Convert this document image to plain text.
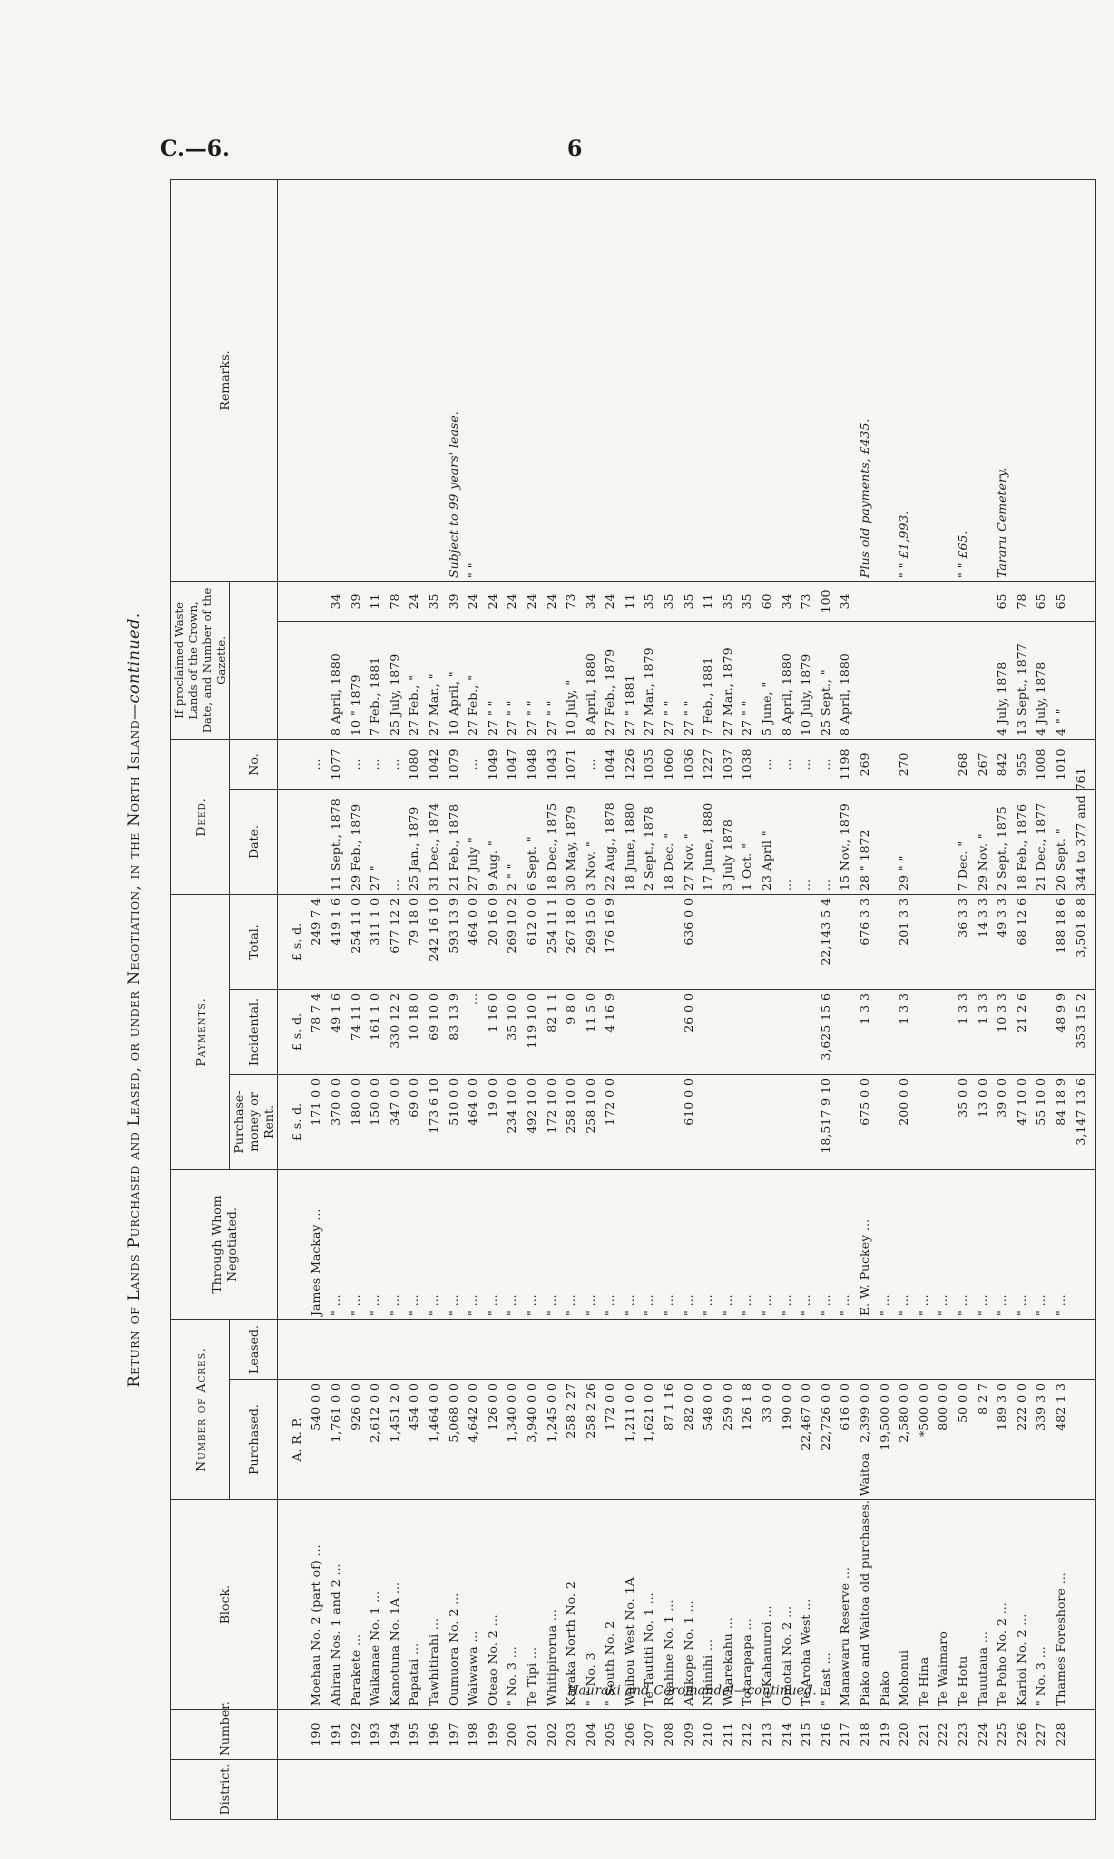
C.—6.	6
Return of Lands Purchased and Leased, or under Negotiation, in the North Island—continued.
District.	Number.	Block.	Number of Acres.		Through Whom Negotiated.	Payments.			Deed.		If proclaimed Waste Lands of the Crown, Date, and Number of the Gazette.		Remarks.
			Purchased.	Leased.		Purchase-money or Rent.	Incidental.	Total.	Date.	No.			
Hauraki and Coromandel—continued.			A. R. P.			£ s. d.	£ s. d.	£ s. d.					
	190	Moehau No. 2 (part of) ...	540 0 0		James Mackay ...	171 0 0	78 7 4	249 7 4		...			
	191	Ahirau Nos. 1 and 2 ...	1,761 0 0		" ...	370 0 0	49 1 6	419 1 6	11 Sept., 1878	1077	8 April, 1880	34	
	192	Parakete ...	926 0 0		" ...	180 0 0	74 11 0	254 11 0	29 Feb., 1879	...	10 " 1879	39	
	193	Waikanae No. 1 ...	2,612 0 0		" ...	150 0 0	161 1 0	311 1 0	27 "	...	7 Feb., 1881	11	
	194	Kanotuna No. 1A ...	1,451 2 0		" ...	347 0 0	330 12 2	677 12 2	...	...	25 July, 1879	78	
	195	Papatai ...	454 0 0		" ...	69 0 0	10 18 0	79 18 0	25 Jan., 1879	1080	27 Feb., "	24	
	196	Tawhitirahi ...	1,464 0 0		" ...	173 6 10	69 10 0	242 16 10	31 Dec., 1874	1042	27 Mar., "	35	
	197	Oumuora No. 2 ...	5,068 0 0		" ...	510 0 0	83 13 9	593 13 9	21 Feb., 1878	1079	10 April, "	39	Subject to 99 years' lease.
	198	Waiwawa ...	4,642 0 0		" ...	464 0 0	...	464 0 0	27 July "	...	27 Feb., "	24	" "
	199	Oteao No. 2 ...	126 0 0		" ...	19 0 0	1 16 0	20 16 0	9 Aug. "	1049	27 " "	24	
	200	" No. 3 ...	1,340 0 0		" ...	234 10 0	35 10 0	269 10 2	2 " "	1047	27 " "	24	
	201	Te Tipi ...	3,940 0 0		" ...	492 10 0	119 10 0	612 0 0	6 Sept. "	1048	27 " "	24	
	202	Whitipirorua ...	1,245 0 0		" ...	172 10 0	82 1 1	254 11 1	18 Dec., 1875	1043	27 " "	24	
	203	Karaka North No. 2	258 2 27		" ...	258 10 0	9 8 0	267 18 0	30 May, 1879	1071	10 July, "	73	
	204	" " No. 3	258 2 26		" ...	258 10 0	11 5 0	269 15 0	3 Nov. "	...	8 April, 1880	34	
	205	" South No. 2	172 0 0		" ...	172 0 0	4 16 9	176 16 9	22 Aug., 1878	1044	27 Feb., 1879	24	
	206	Waihou West No. 1A	1,211 0 0		" ...				18 June, 1880	1226	27 " 1881	11	
	207	Te Tautiti No. 1 ...	1,621 0 0		" ...				2 Sept., 1878	1035	27 Mar., 1879	35	
	208	Ruahine No. 1 ...	87 1 16		" ...				18 Dec. "	1060	27 " "	35	
	209	Ahikope No. 1 ...	282 0 0		" ...	610 0 0	26 0 0	636 0 0	27 Nov. "	1036	27 " "	35	
	210	Nihinihi ...	548 0 0		" ...				17 June, 1880	1227	7 Feb., 1881	11	
	211	Wharekahu ...	259 0 0		" ...				3 July 1878	1037	27 Mar., 1879	35	
	212	Totarapapa ...	126 1 8		" ...				1 Oct. "	1038	27 " "	35	
	213	Te Kahanuroi ...	33 0 0		" ...				23 April "	...	5 June, "	60	
	214	Omotai No. 2 ...	190 0 0		" ...				...	...	8 April, 1880	34	
	215	Te Aroha West ...	22,467 0 0		" ...				...	...	10 July, 1879	73	
	216	" East ...	22,726 0 0		" ...	18,517 9 10	3,625 15 6	22,143 5 4	...	...	25 Sept., "	100	
	217	Manawaru Reserve ...	616 0 0		" ...				15 Nov., 1879	1198	8 April, 1880	34	
	218	Piako and Waitoa old purchases. Waitoa	2,399 0 0		E. W. Puckey ...	675 0 0	1 3 3	676 3 3	28 " 1872	269			Plus old payments, £435.
	219	Piako	19,500 0 0		" ...								
	220	Mohonui	2,580 0 0		" ...	200 0 0	1 3 3	201 3 3	29 " "	270			" " £1,993.
	221	Te Hina	*500 0 0		" ...								
	222	Te Waimaro	800 0 0		" ...								
	223	Te Hotu	50 0 0		" ...	35 0 0	1 3 3	36 3 3	7 Dec. "	268			" " £65.
	224	Tauutaua ...	8 2 7		" ...	13 0 0	1 3 3	14 3 3	29 Nov. "	267			
	225	Te Poho No. 2 ...	189 3 0		" ...	39 0 0	10 3 3	49 3 3	2 Sept., 1875	842	4 July, 1878	65	Tararu Cemetery.
	226	Karioi No. 2 ...	222 0 0		" ...	47 10 0	21 2 6	68 12 6	18 Feb., 1876	955	13 Sept., 1877	78	
	227	" No. 3 ...	339 3 0		" ...	55 10 0			21 Dec., 1877	1008	4 July, 1878	65	
	228	Thames Foreshore ...	482 1 3		" ...	84 18 9	48 9 9	188 18 6	20 Sept. "	1010	4 " "	65	
						3,147 13 6	353 15 2	3,501 8 8	344 to 377 and 761				
